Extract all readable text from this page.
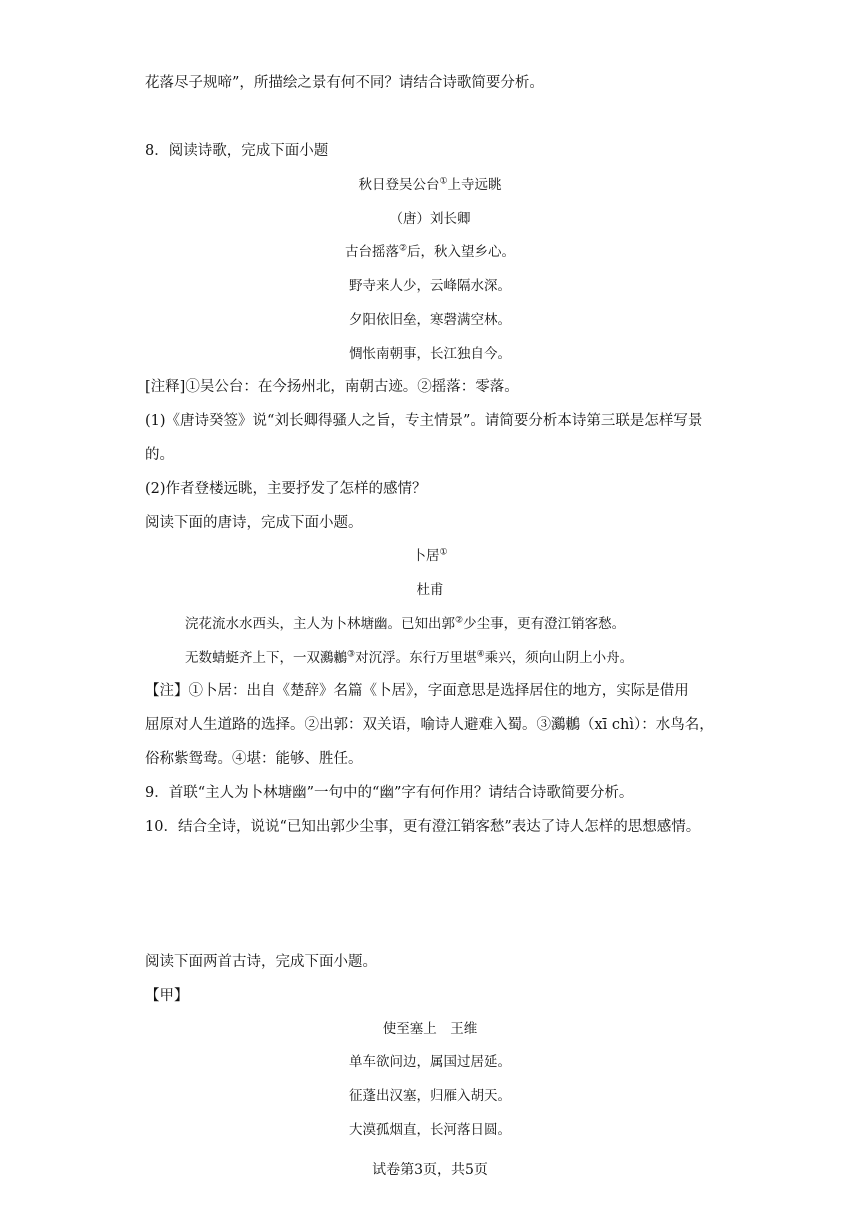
花落尽子规啼”，所描绘之景有何不同？请结合诗歌简要分析。
8．阅读诗歌，完成下面小题
秋日登吴公台①上寺远眺
（唐）刘长卿
古台摇落②后，秋入望乡心。
野寺来人少，云峰隔水深。
夕阳依旧垒，寒磬满空林。
惆怅南朝事，长江独自今。
[注释]①吴公台：在今扬州北，南朝古迹。②摇落：零落。
(1)《唐诗癸签》说“刘长卿得骚人之旨，专主情景”。请简要分析本诗第三联是怎样写景
的。
(2)作者登楼远眺，主要抒发了怎样的感情？
阅读下面的唐诗，完成下面小题。
卜居①
杜甫
浣花流水水西头，主人为卜林塘幽。已知出郭②少尘事，更有澄江销客愁。
无数蜻蜓齐上下，一双鸂鶒③对沉浮。东行万里堪④乘兴，须向山阴上小舟。
【注】①卜居：出自《楚辞》名篇《卜居》，字面意思是选择居住的地方，实际是借用
屈原对人生道路的选择。②出郭：双关语，喻诗人避难入蜀。③鸂鶒（xī chì）：水鸟名，
俗称紫鸳鸯。④堪：能够、胜任。
9．首联“主人为卜林塘幽”一句中的“幽”字有何作用？请结合诗歌简要分析。
10．结合全诗，说说“已知出郭少尘事，更有澄江销客愁”表达了诗人怎样的思想感情。
阅读下面两首古诗，完成下面小题。
【甲】
使至塞上　王维
单车欲问边，属国过居延。
征蓬出汉塞，归雁入胡天。
大漠孤烟直，长河落日圆。
试卷第3页，共5页
